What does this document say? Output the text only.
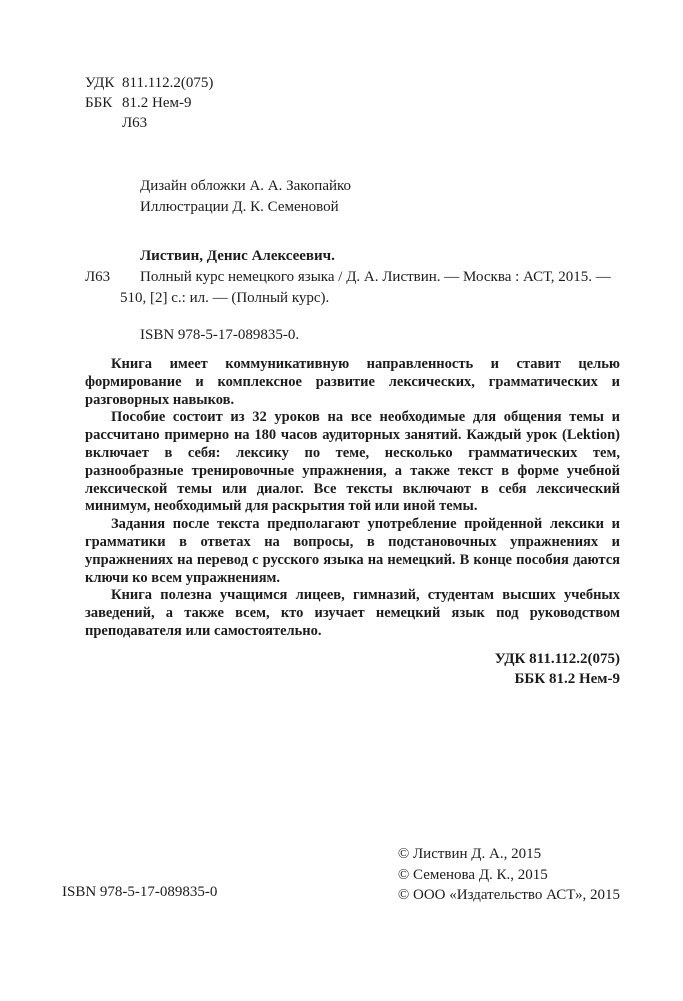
УДК 811.112.2(075)
ББК 81.2 Нем-9
Л63
Дизайн обложки А. А. Закопайко
Иллюстрации Д. К. Семеновой
Листвин, Денис Алексеевич.
Л63 Полный курс немецкого языка / Д. А. Листвин. — Москва : АСТ, 2015. —
510, [2] с.: ил. — (Полный курс).
ISBN 978-5-17-089835-0.

Книга имеет коммуникативную направленность и ставит целью формирование и комплексное развитие лексических, грамматических и разговорных навыков.

Пособие состоит из 32 уроков на все необходимые для общения темы и рассчитано примерно на 180 часов аудиторных занятий. Каждый урок (Lektion) включает в себя: лексику по теме, несколько грамматических тем, разнообразные тренировочные упражнения, а также текст в форме учебной лексической темы или диалог. Все тексты включают в себя лексический минимум, необходимый для раскрытия той или иной темы.

Задания после текста предполагают употребление пройденной лексики и грамматики в ответах на вопросы, в подстановочных упражнениях и упражнениях на перевод с русского языка на немецкий. В конце пособия даются ключи ко всем упражнениям.

Книга полезна учащимся лицеев, гимназий, студентам высших учебных заведений, а также всем, кто изучает немецкий язык под руководством преподавателя или самостоятельно.

УДК 811.112.2(075)
ББК 81.2 Нем-9
© Листвин Д. А., 2015
© Семенова Д. К., 2015
© ООО «Издательство АСТ», 2015
ISBN 978-5-17-089835-0
